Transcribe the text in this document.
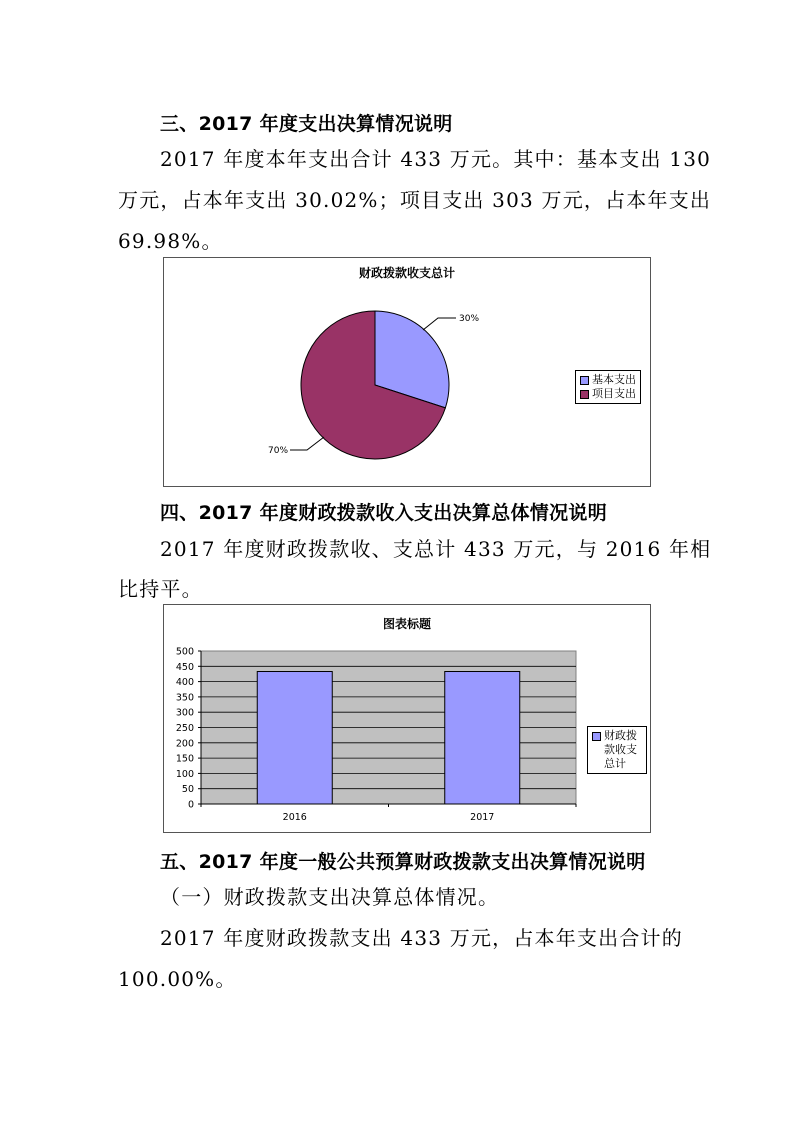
三、2017 年度支出决算情况说明
2017 年度本年支出合计 433 万元。其中：基本支出 130
万元，占本年支出 30.02%；项目支出 303 万元，占本年支出
69.98%。
财政拨款收支总计
30%
70%
基本支出
项目支出
四、2017 年度财政拨款收入支出决算总体情况说明
2017 年度财政拨款收、支总计 433 万元，与 2016 年相
比持平。
图表标题
0
50
100
150
200
250
300
350
400
450
500
2016	2017
财政拨
款收支
总计
五、2017 年度一般公共预算财政拨款支出决算情况说明
（一）财政拨款支出决算总体情况。
2017 年度财政拨款支出 433 万元，占本年支出合计的
100.00%。
